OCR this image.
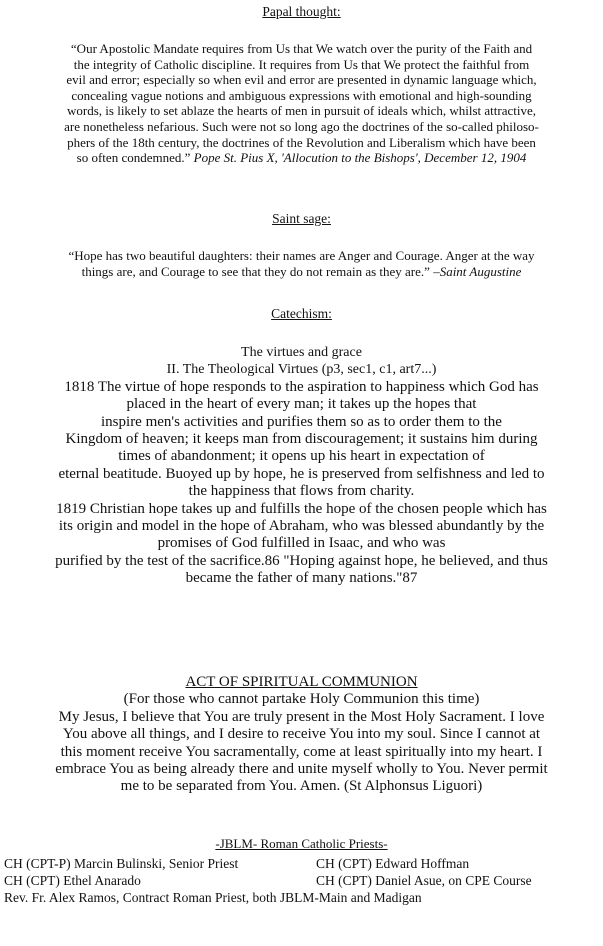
Papal thought:

“Our Apostolic Mandate requires from Us that We watch over the purity of the Faith and
the integrity of Catholic discipline. It requires from Us that We protect the faithful from
evil and error; especially so when evil and error are presented in dynamic language which,
concealing vague notions and ambiguous expressions with emotional and high-sounding
words, is likely to set ablaze the hearts of men in pursuit of ideals which, whilst attractive,
are nonetheless nefarious. Such were not so long ago the doctrines of the so-called philoso-
phers of the 18th century, the doctrines of the Revolution and Liberalism which have been
so often condemned.” Pope St. Pius X, 'Allocution to the Bishops', December 12, 1904

Saint sage:

“Hope has two beautiful daughters: their names are Anger and Courage. Anger at the way
things are, and Courage to see that they do not remain as they are.” –Saint Augustine

Catechism:

The virtues and grace
II. The Theological Virtues (p3, sec1, c1, art7...)
1818 The virtue of hope responds to the aspiration to happiness which God has
placed in the heart of every man; it takes up the hopes that
inspire men's activities and purifies them so as to order them to the
Kingdom of heaven; it keeps man from discouragement; it sustains him during
times of abandonment; it opens up his heart in expectation of
eternal beatitude. Buoyed up by hope, he is preserved from selfishness and led to
the happiness that flows from charity.
1819 Christian hope takes up and fulfills the hope of the chosen people which has
its origin and model in the hope of Abraham, who was blessed abundantly by the
promises of God fulfilled in Isaac, and who was
purified by the test of the sacrifice.86 "Hoping against hope, he believed, and thus
became the father of many nations."87
ACT OF SPIRITUAL COMMUNION
(For those who cannot partake Holy Communion this time)
My Jesus, I believe that You are truly present in the Most Holy Sacrament. I love
You above all things, and I desire to receive You into my soul. Since I cannot at
this moment receive You sacramentally, come at least spiritually into my heart. I
embrace You as being already there and unite myself wholly to You. Never permit
me to be separated from You. Amen. (St Alphonsus Liguori)
-JBLM- Roman Catholic Priests-
CH (CPT-P) Marcin Bulinski, Senior Priest	CH (CPT) Edward Hoffman
CH (CPT) Ethel Anarado	CH (CPT) Daniel Asue, on CPE Course
Rev. Fr. Alex Ramos, Contract Roman Priest, both JBLM-Main and Madigan
